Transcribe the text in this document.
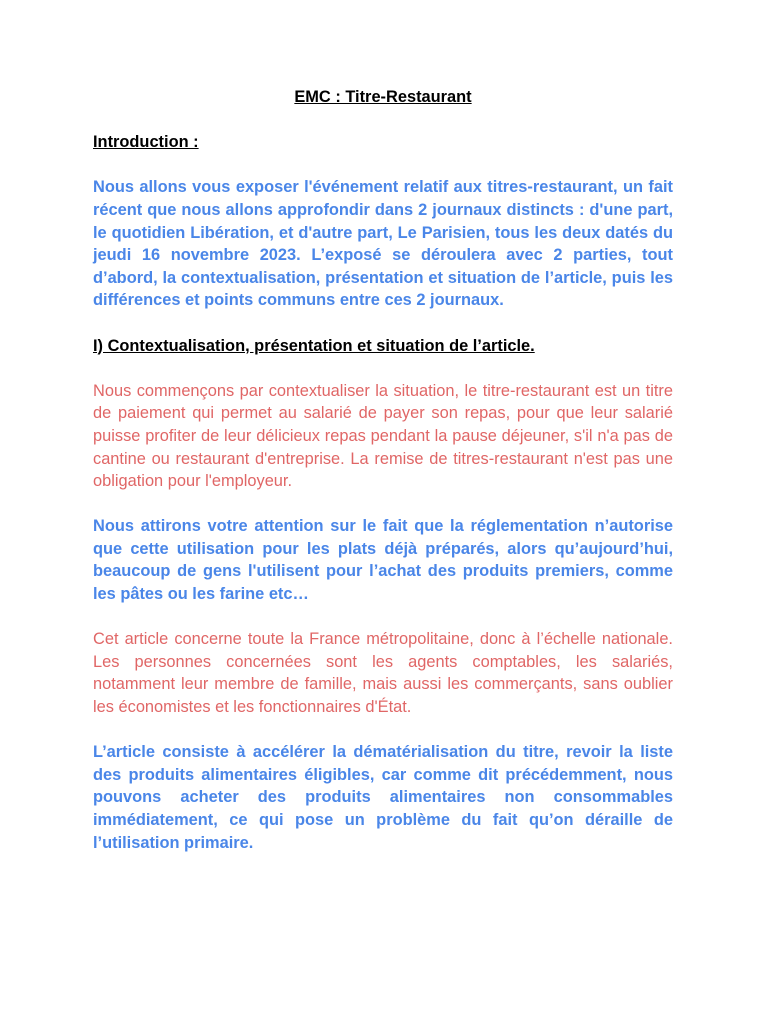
EMC : Titre-Restaurant

Introduction :

Nous allons vous exposer l'événement relatif aux titres-restaurant, un fait récent que nous allons approfondir dans 2 journaux distincts : d'une part, le quotidien Libération, et d'autre part, Le Parisien, tous les deux datés du jeudi 16 novembre 2023. L’exposé se déroulera avec 2 parties, tout d’abord, la contextualisation, présentation et situation de l’article, puis les différences et points communs entre ces 2 journaux.

I) Contextualisation, présentation et situation de l’article.

Nous commençons par contextualiser la situation, le titre-restaurant est un titre de paiement qui permet au salarié de payer son repas, pour que leur salarié puisse profiter de leur délicieux repas pendant la pause déjeuner, s'il n'a pas de cantine ou restaurant d'entreprise. La remise de titres-restaurant n'est pas une obligation pour l'employeur.

Nous attirons votre attention sur le fait que la réglementation n’autorise que cette utilisation pour les plats déjà préparés, alors qu’aujourd’hui, beaucoup de gens l'utilisent pour l’achat des produits premiers, comme les pâtes ou les farine etc…

Cet article concerne toute la France métropolitaine, donc à l’échelle nationale. Les personnes concernées sont les agents comptables, les salariés, notamment leur membre de famille, mais aussi les commerçants, sans oublier les économistes et les fonctionnaires d'État.

L’article consiste à accélérer la dématérialisation du titre, revoir la liste des produits alimentaires éligibles, car comme dit précédemment, nous pouvons acheter des produits alimentaires non consommables immédiatement, ce qui pose un problème du fait qu’on déraille de l’utilisation primaire.
